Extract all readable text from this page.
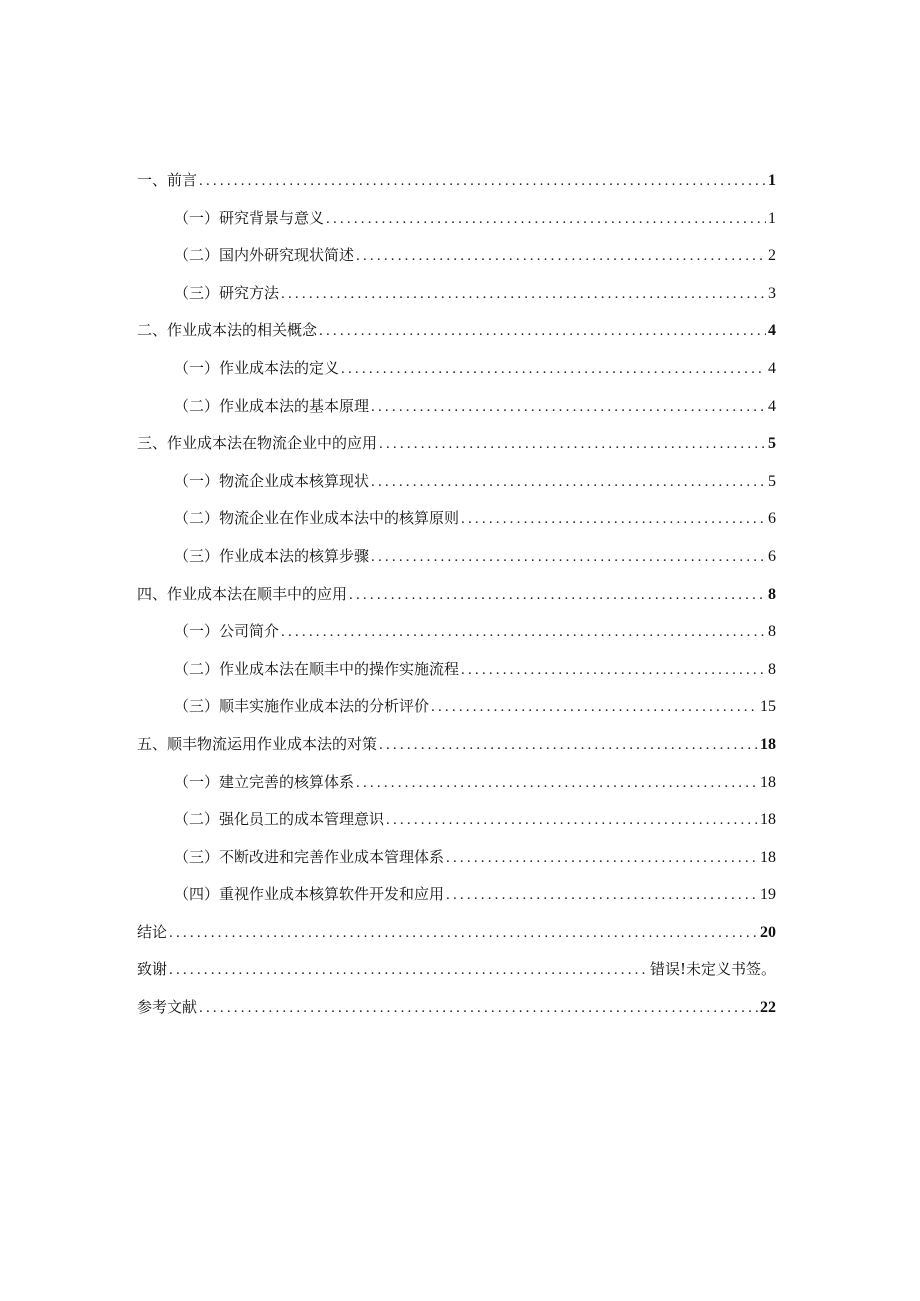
一、前言 .....	1
（一）研究背景与意义 .....	1
（二）国内外研究现状简述 .....	2
（三）研究方法 .....	3
二、作业成本法的相关概念 .....	4
（一）作业成本法的定义 .....	4
（二）作业成本法的基本原理 .....	4
三、作业成本法在物流企业中的应用 .....	5
（一）物流企业成本核算现状 .....	5
（二）物流企业在作业成本法中的核算原则 .....	6
（三）作业成本法的核算步骤 .....	6
四、作业成本法在顺丰中的应用 .....	8
（一）公司简介 .....	8
（二）作业成本法在顺丰中的操作实施流程 .....	8
（三）顺丰实施作业成本法的分析评价 .....	15
五、顺丰物流运用作业成本法的对策 .....	18
（一）建立完善的核算体系 .....	18
（二）强化员工的成本管理意识 .....	18
（三）不断改进和完善作业成本管理体系 .....	18
（四）重视作业成本核算软件开发和应用 .....	19
结论 .....	20
致谢 .....	错误!未定义书签。
参考文献 .....	22
